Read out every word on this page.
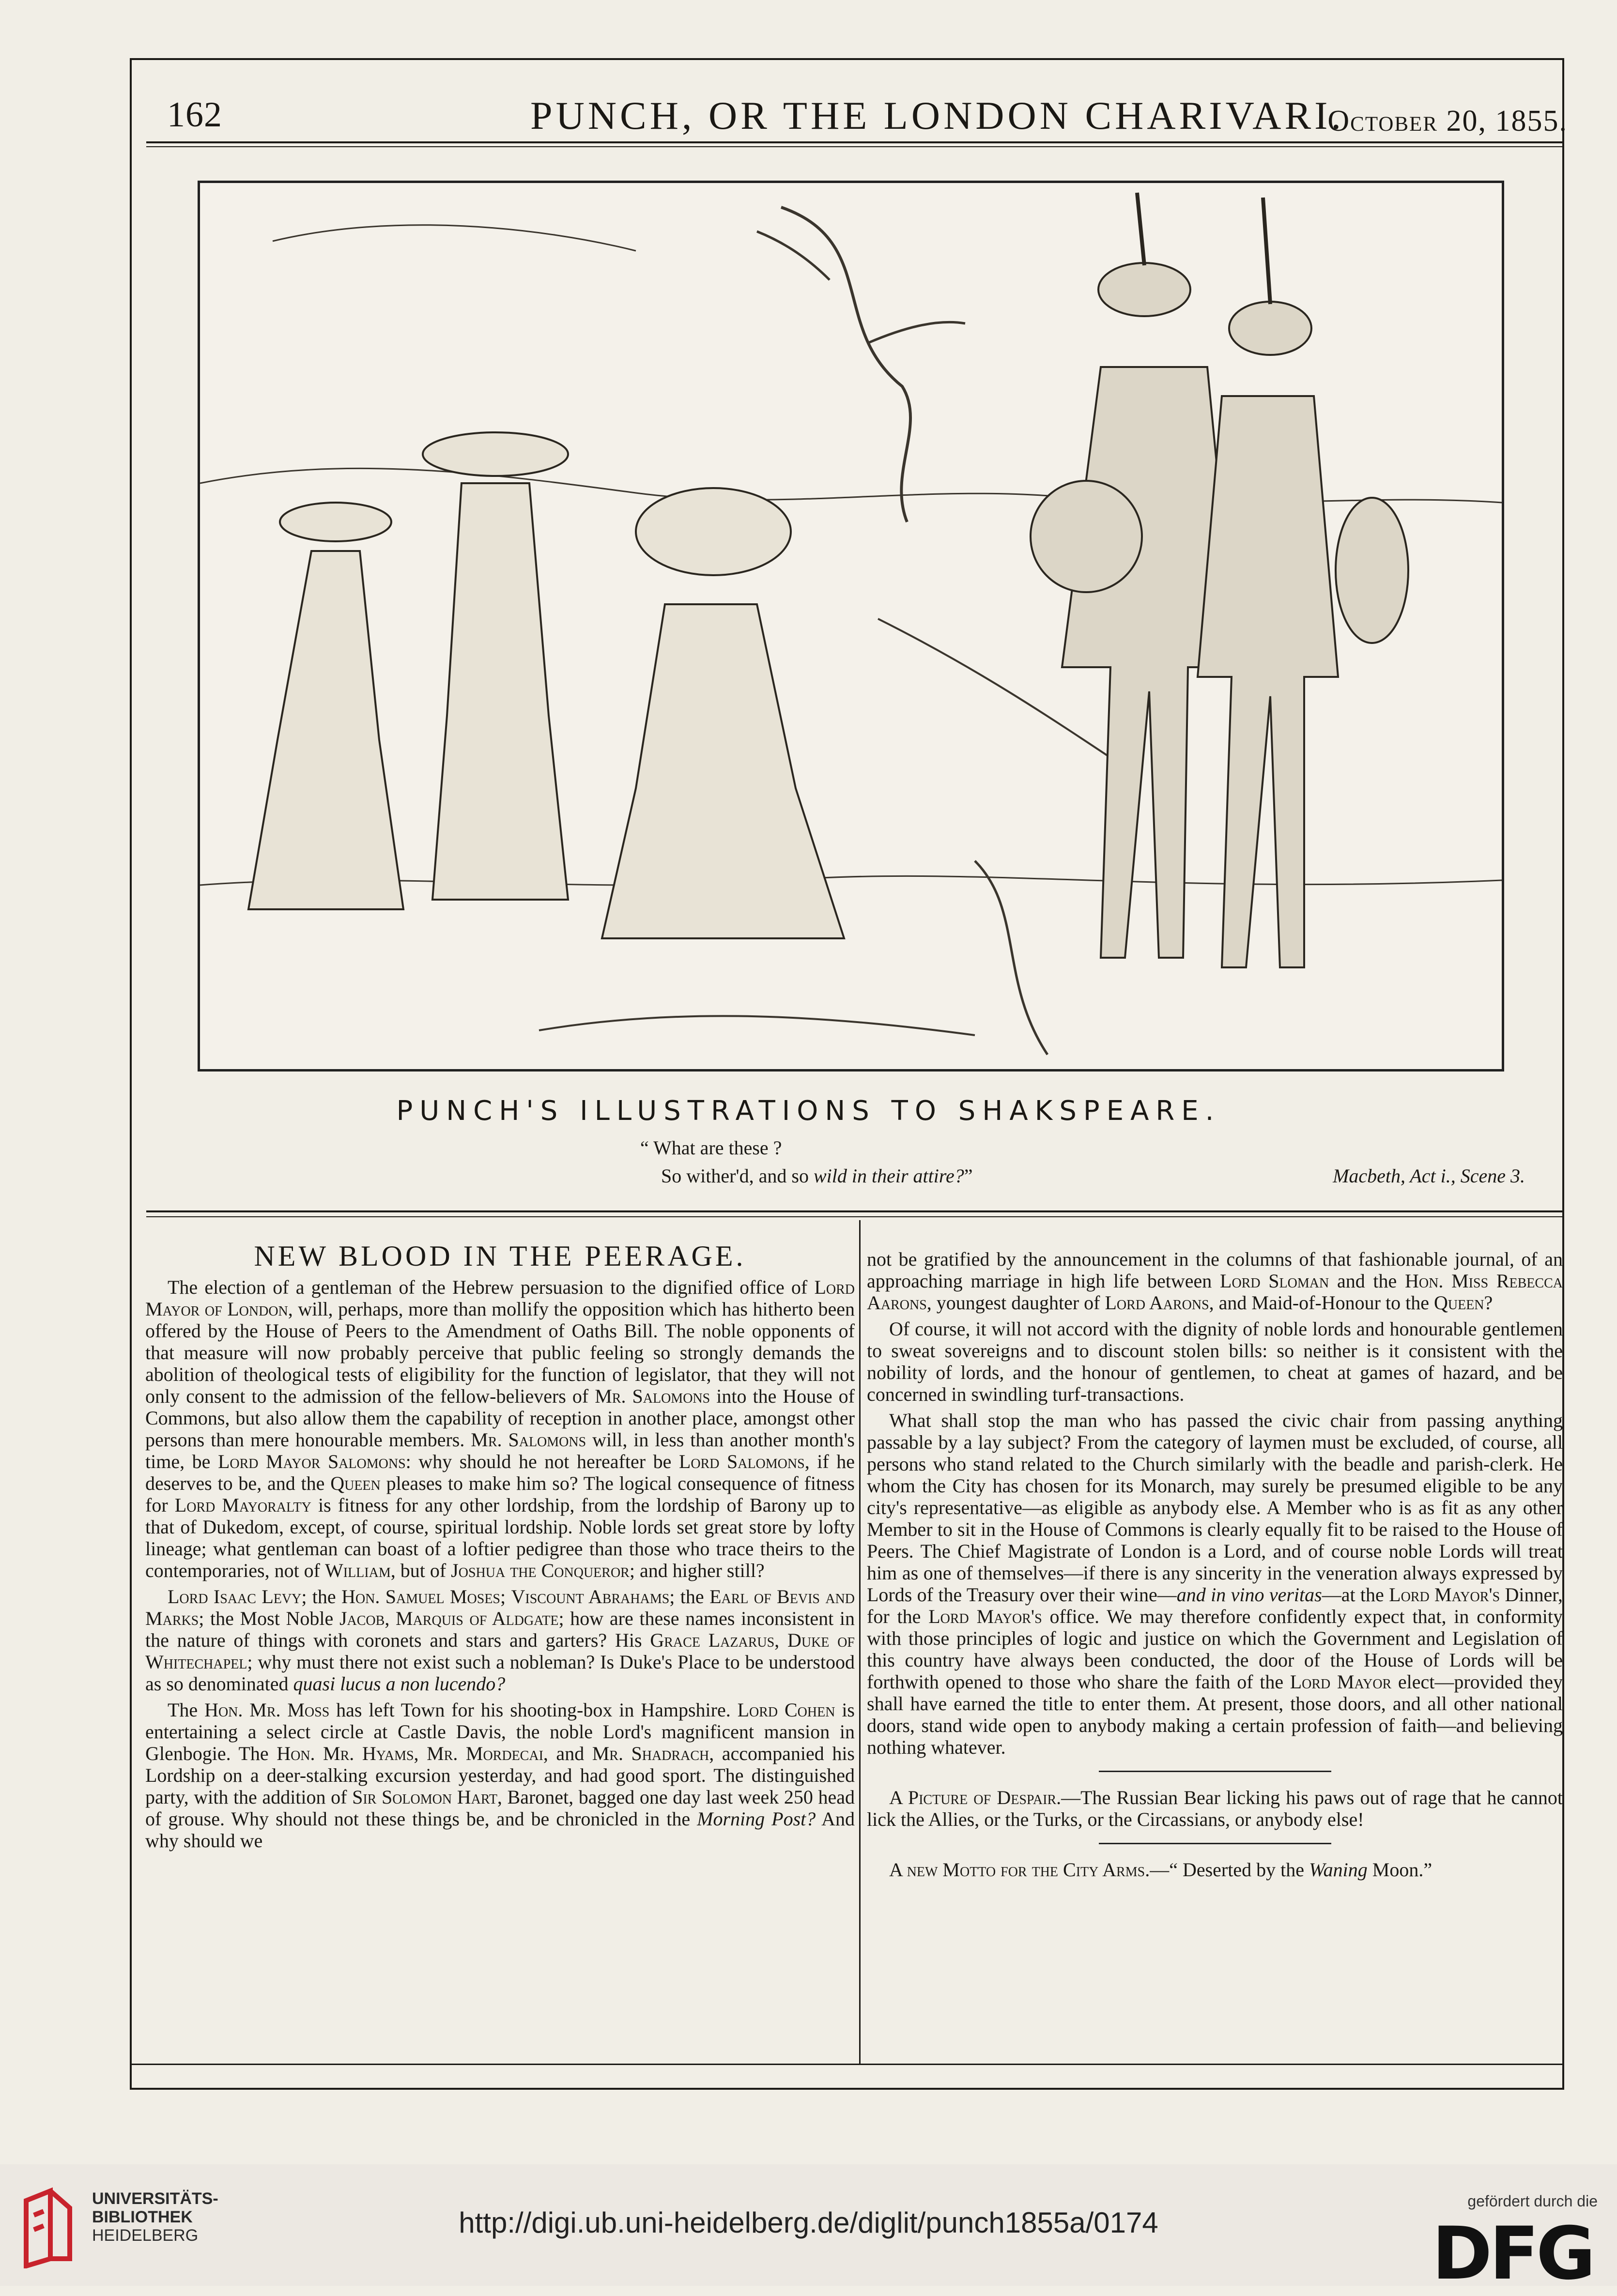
162	PUNCH, OR THE LONDON CHARIVARI.
October 20, 1855.
PUNCH'S ILLUSTRATIONS TO SHAKSPEARE.
“ What are these ?
So wither'd, and so wild in their attire?”	Macbeth, Act i., Scene 3.

The election of a gentleman of the Hebrew persuasion to the dignified office of Lord Mayor of London, will, perhaps, more than mollify the opposition which has hitherto been offered by the House of Peers to the Amendment of Oaths Bill. The noble opponents of that measure will now probably perceive that public feeling so strongly demands the abolition of theological tests of eligibility for the function of legislator, that they will not only consent to the admission of the fellow-believers of Mr. Salomons into the House of Commons, but also allow them the capability of reception in another place, amongst other persons than mere honourable members. Mr. Salomons will, in less than another month's time, be Lord Mayor Salomons: why should he not hereafter be Lord Salomons, if he deserves to be, and the Queen pleases to make him so? The logical consequence of fitness for Lord Mayoralty is fitness for any other lordship, from the lordship of Barony up to that of Dukedom, except, of course, spiritual lordship. Noble lords set great store by lofty lineage; what gentleman can boast of a loftier pedigree than those who trace theirs to the contemporaries, not of William, but of Joshua the Conqueror; and higher still?

Lord Isaac Levy; the Hon. Samuel Moses; Viscount Abrahams; the Earl of Bevis and Marks; the Most Noble Jacob, Marquis of Aldgate; how are these names inconsistent in the nature of things with coronets and stars and garters? His Grace Lazarus, Duke of Whitechapel; why must there not exist such a nobleman? Is Duke's Place to be understood as so denominated quasi lucus a non lucendo?

The Hon. Mr. Moss has left Town for his shooting-box in Hampshire. Lord Cohen is entertaining a select circle at Castle Davis, the noble Lord's magnificent mansion in Glenbogie. The Hon. Mr. Hyams, Mr. Mordecai, and Mr. Shadrach, accompanied his Lordship on a deer-stalking excursion yesterday, and had good sport. The distinguished party, with the addition of Sir Solomon Hart, Baronet, bagged one day last week 250 head of grouse. Why should not these things be, and be chronicled in the Morning Post? And why should we

not be gratified by the announcement in the columns of that fashionable journal, of an approaching marriage in high life between Lord Sloman and the Hon. Miss Rebecca Aarons, youngest daughter of Lord Aarons, and Maid-of-Honour to the Queen?

Of course, it will not accord with the dignity of noble lords and honourable gentlemen to sweat sovereigns and to discount stolen bills: so neither is it consistent with the nobility of lords, and the honour of gentlemen, to cheat at games of hazard, and be concerned in swindling turf-transactions.

What shall stop the man who has passed the civic chair from passing anything passable by a lay subject? From the category of laymen must be excluded, of course, all persons who stand related to the Church similarly with the beadle and parish-clerk. He whom the City has chosen for its Monarch, may surely be presumed eligible to be any city's representative—as eligible as anybody else. A Member who is as fit as any other Member to sit in the House of Commons is clearly equally fit to be raised to the House of Peers. The Chief Magistrate of London is a Lord, and of course noble Lords will treat him as one of themselves—if there is any sincerity in the veneration always expressed by Lords of the Treasury over their wine—and in vino veritas—at the Lord Mayor's Dinner, for the Lord Mayor's office. We may therefore confidently expect that, in conformity with those principles of logic and justice on which the Government and Legislation of this country have always been conducted, the door of the House of Lords will be forthwith opened to those who share the faith of the Lord Mayor elect—provided they shall have earned the title to enter them. At present, those doors, and all other national doors, stand wide open to anybody making a certain profession of faith—and believing nothing whatever.

A Picture of Despair.—The Russian Bear licking his paws out of rage that he cannot lick the Allies, or the Turks, or the Circassians, or anybody else!

A new Motto for the City Arms.—“ Deserted by the Waning Moon.”

NEW BLOOD IN THE PEERAGE.
UNIVERSITÄTS-
BIBLIOTHEK
HEIDELBERG	http://digi.ub.uni-heidelberg.de/diglit/punch1855a/0174
gefördert durch die
DFG
